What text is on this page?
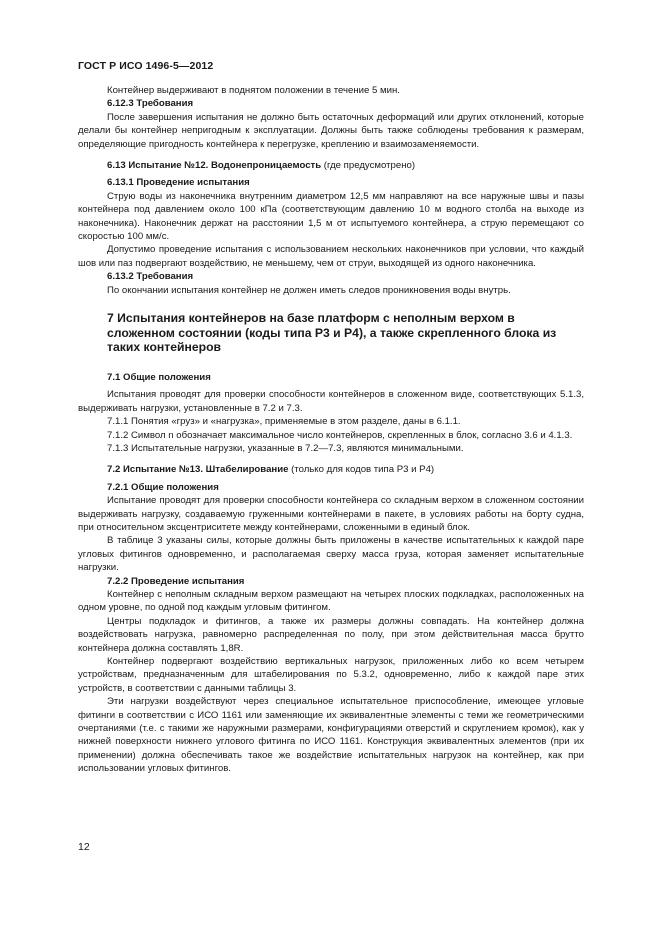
ГОСТ Р ИСО 1496-5—2012

Контейнер выдерживают в поднятом положении в течение 5 мин.

6.12.3 Требования

После завершения испытания не должно быть остаточных деформаций или других отклонений, которые делали бы контейнер непригодным к эксплуатации. Должны быть также соблюдены требования к размерам, определяющие пригодность контейнера к перегрузке, креплению и взаимозаменяемости.

6.13 Испытание №12. Водонепроницаемость (где предусмотрено)

6.13.1 Проведение испытания

Струю воды из наконечника внутренним диаметром 12,5 мм направляют на все наружные швы и пазы контейнера под давлением около 100 кПа (соответствующим давлению 10 м водного столба на выходе из наконечника). Наконечник держат на расстоянии 1,5 м от испытуемого контейнера, а струю перемещают со скоростью 100 мм/с.

Допустимо проведение испытания с использованием нескольких наконечников при условии, что каждый шов или паз подвергают воздействию, не меньшему, чем от струи, выходящей из одного наконечника.

6.13.2 Требования

По окончании испытания контейнер не должен иметь следов проникновения воды внутрь.

7 Испытания контейнеров на базе платформ с неполным верхом в сложенном состоянии (коды типа Р3 и Р4), а также скрепленного блока из таких контейнеров

7.1 Общие положения

Испытания проводят для проверки способности контейнеров в сложенном виде, соответствующих 5.1.3, выдерживать нагрузки, установленные в 7.2 и 7.3.

7.1.1 Понятия «груз» и «нагрузка», применяемые в этом разделе, даны в 6.1.1.

7.1.2 Символ n обозначает максимальное число контейнеров, скрепленных в блок, согласно 3.6 и 4.1.3.

7.1.3 Испытательные нагрузки, указанные в 7.2—7.3, являются минимальными.

7.2 Испытание №13. Штабелирование (только для кодов типа Р3 и Р4)

7.2.1 Общие положения

Испытание проводят для проверки способности контейнера со складным верхом в сложенном состоянии выдерживать нагрузку, создаваемую груженными контейнерами в пакете, в условиях работы на борту судна, при относительном эксцентриситете между контейнерами, сложенными в единый блок.

В таблице 3 указаны силы, которые должны быть приложены в качестве испытательных к каждой паре угловых фитингов одновременно, и располагаемая сверху масса груза, которая заменяет испытательные нагрузки.

7.2.2 Проведение испытания

Контейнер с неполным складным верхом размещают на четырех плоских подкладках, расположенных на одном уровне, по одной под каждым угловым фитингом.

Центры подкладок и фитингов, а также их размеры должны совпадать. На контейнер должна воздействовать нагрузка, равномерно распределенная по полу, при этом действительная масса брутто контейнера должна составлять 1,8R.

Контейнер подвергают воздействию вертикальных нагрузок, приложенных либо ко всем четырем устройствам, предназначенным для штабелирования по 5.3.2, одновременно, либо к каждой паре этих устройств, в соответствии с данными таблицы 3.

Эти нагрузки воздействуют через специальное испытательное приспособление, имеющее угловые фитинги в соответствии с ИСО 1161 или заменяющие их эквивалентные элементы с теми же геометрическими очертаниями (т.е. с такими же наружными размерами, конфигурациями отверстий и скруглением кромок), как у нижней поверхности нижнего углового фитинга по ИСО 1161. Конструкция эквивалентных элементов (при их применении) должна обеспечивать такое же воздействие испытательных нагрузок на контейнер, как при использовании угловых фитингов.

12
